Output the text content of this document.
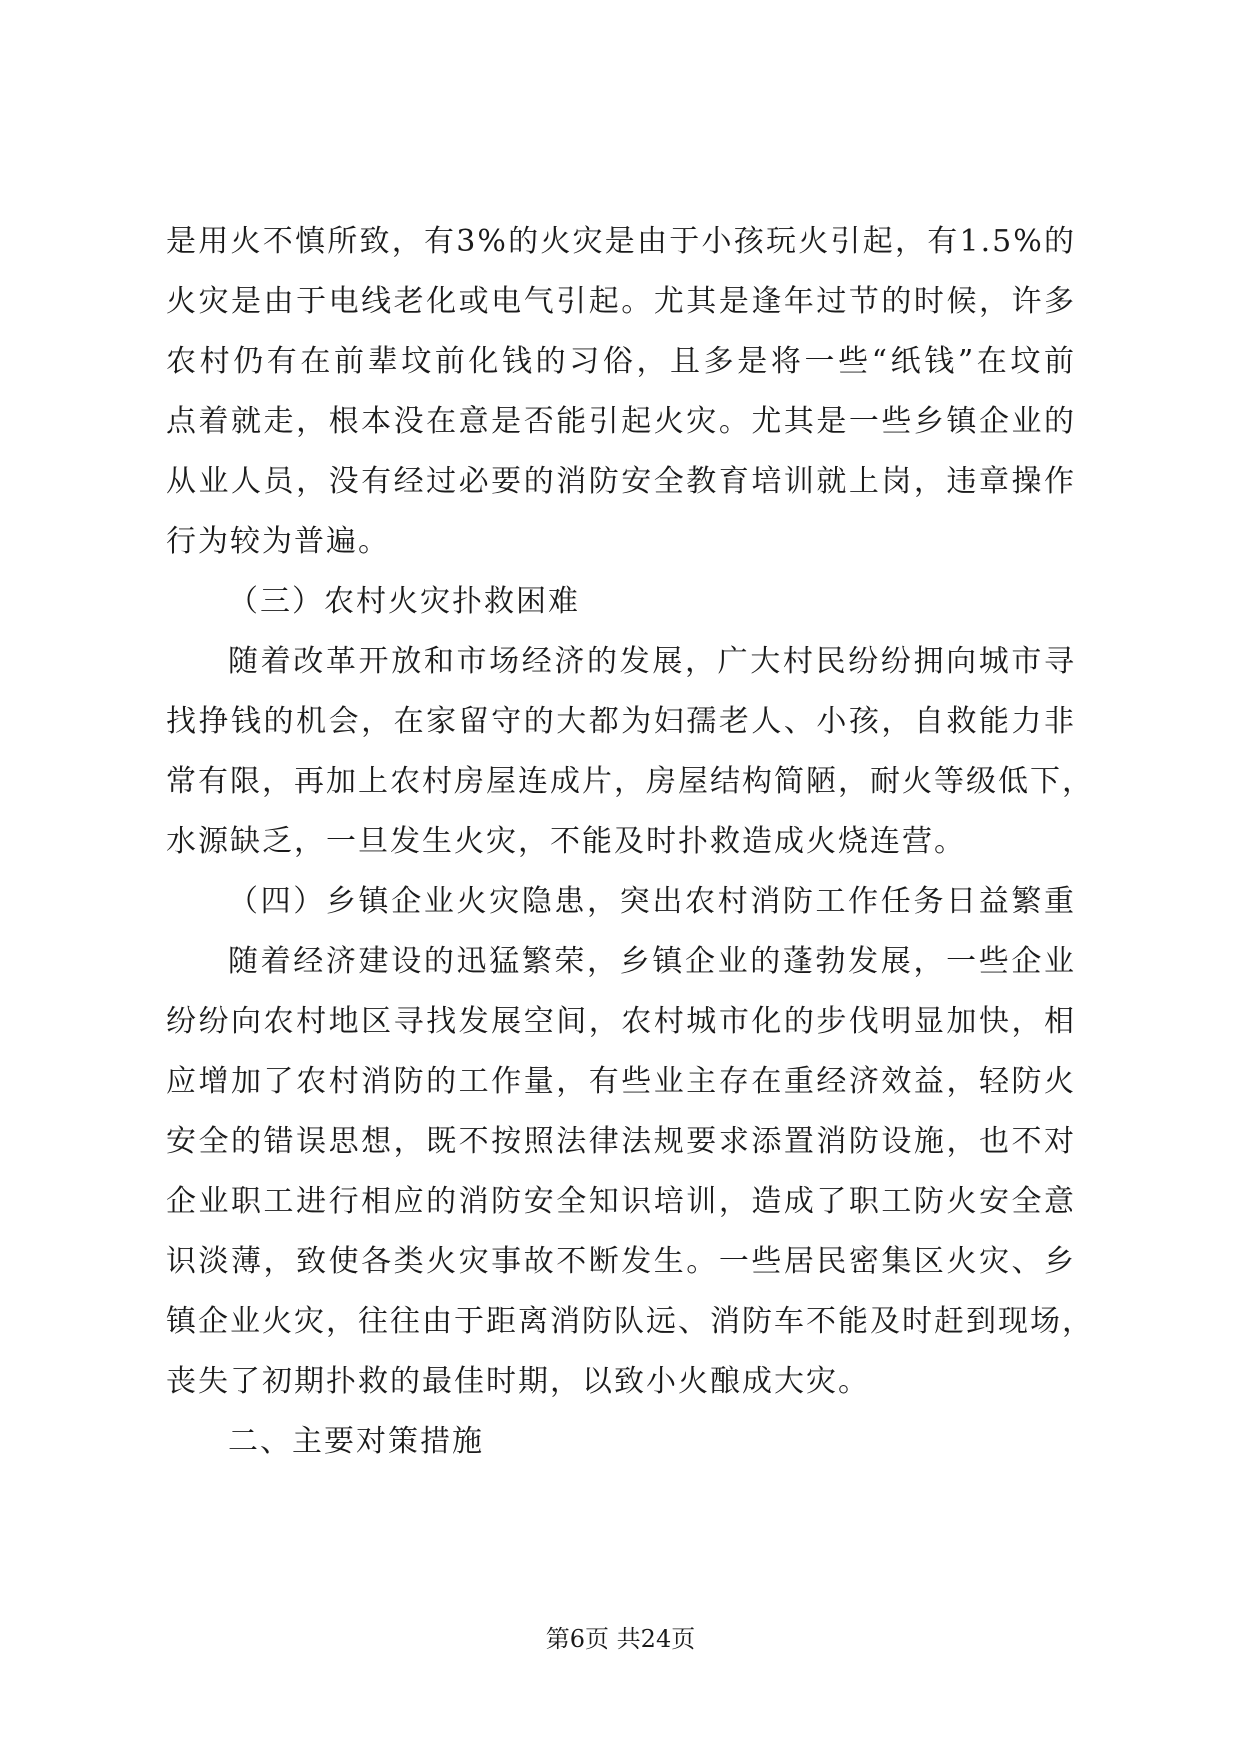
是用火不慎所致，有3%的火灾是由于小孩玩火引起，有1.5%的
火灾是由于电线老化或电气引起。尤其是逢年过节的时候，许多
农村仍有在前辈坟前化钱的习俗，且多是将一些“纸钱”在坟前
点着就走，根本没在意是否能引起火灾。尤其是一些乡镇企业的
从业人员，没有经过必要的消防安全教育培训就上岗，违章操作
行为较为普遍。
（三）农村火灾扑救困难
随着改革开放和市场经济的发展，广大村民纷纷拥向城市寻
找挣钱的机会，在家留守的大都为妇孺老人、小孩，自救能力非
常有限，再加上农村房屋连成片，房屋结构简陋，耐火等级低下，
水源缺乏，一旦发生火灾，不能及时扑救造成火烧连营。
（四）乡镇企业火灾隐患，突出农村消防工作任务日益繁重
随着经济建设的迅猛繁荣，乡镇企业的蓬勃发展，一些企业
纷纷向农村地区寻找发展空间，农村城市化的步伐明显加快，相
应增加了农村消防的工作量，有些业主存在重经济效益，轻防火
安全的错误思想，既不按照法律法规要求添置消防设施，也不对
企业职工进行相应的消防安全知识培训，造成了职工防火安全意
识淡薄，致使各类火灾事故不断发生。一些居民密集区火灾、乡
镇企业火灾，往往由于距离消防队远、消防车不能及时赶到现场，
丧失了初期扑救的最佳时期，以致小火酿成大灾。
二、主要对策措施
第6页 共24页
